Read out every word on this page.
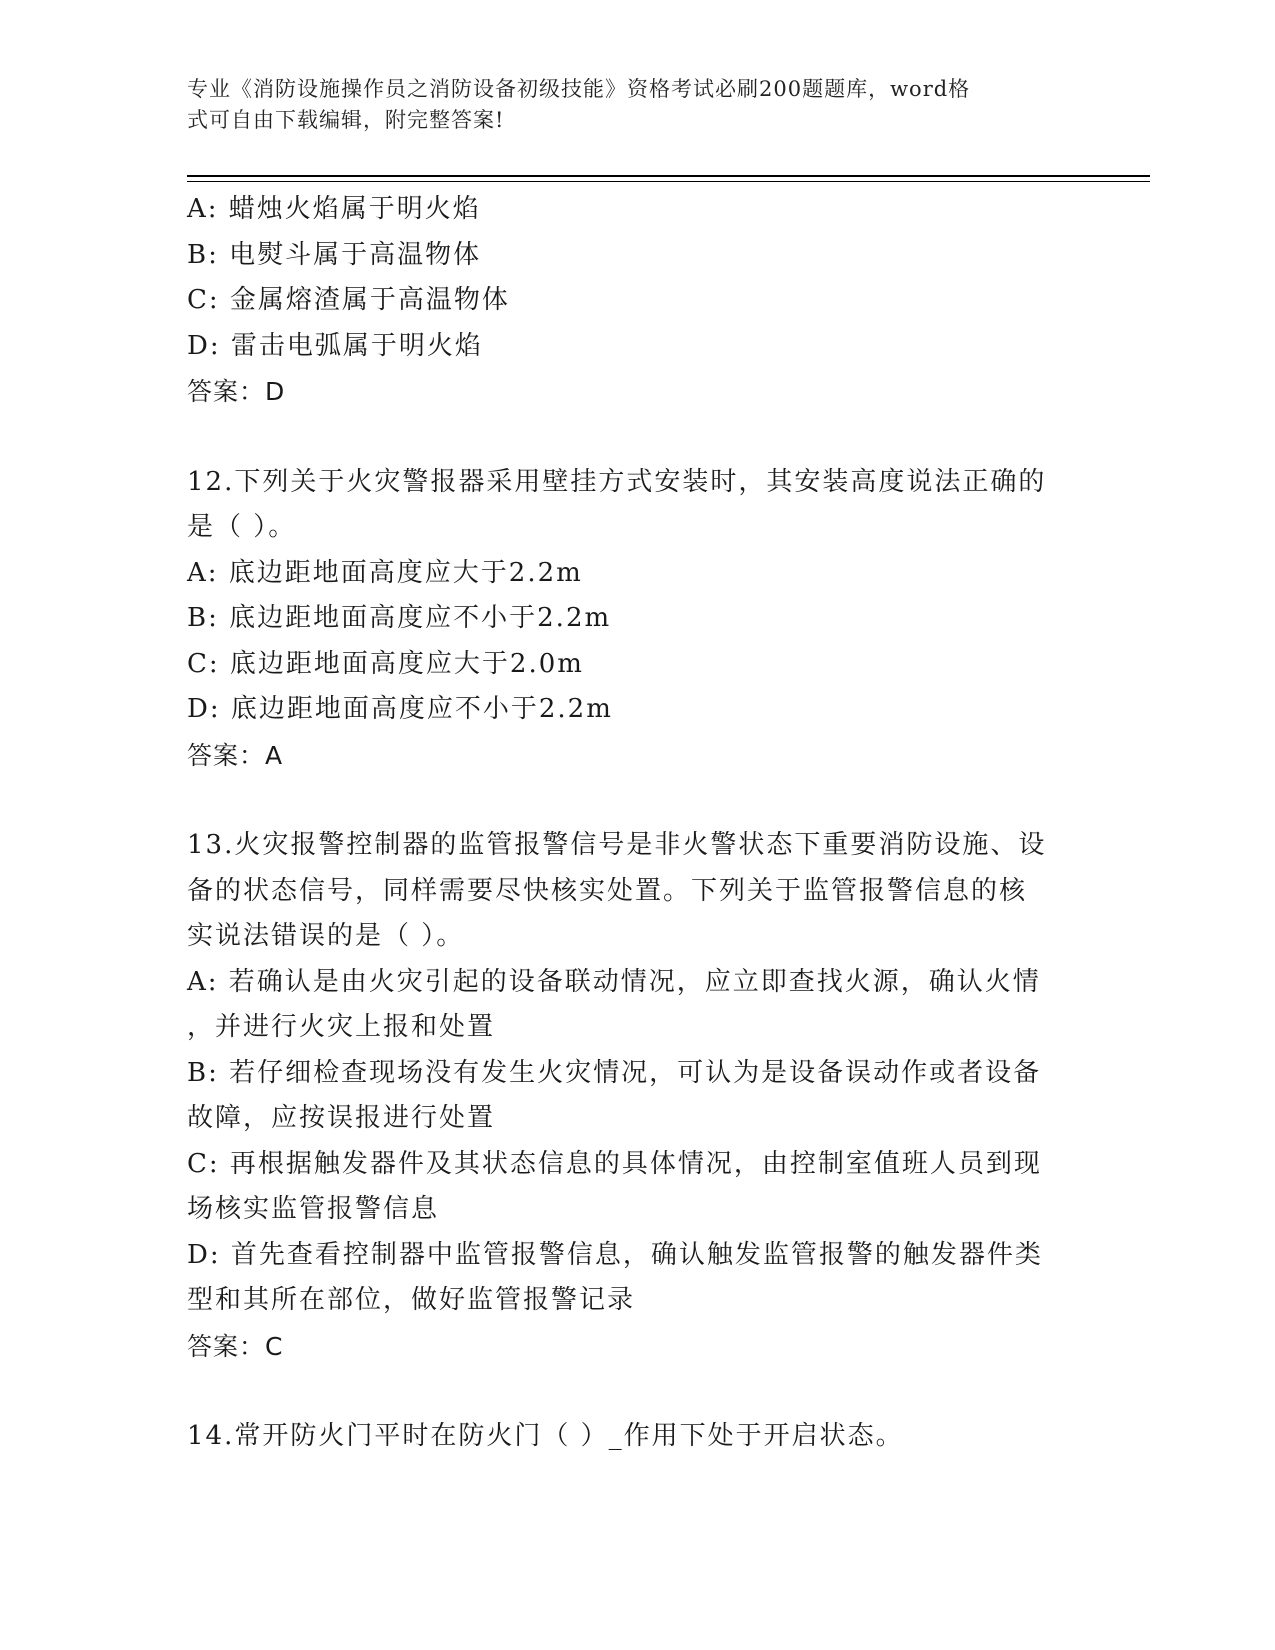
专业《消防设施操作员之消防设备初级技能》资格考试必刷200题题库，word格
式可自由下载编辑，附完整答案!
A: 蜡烛火焰属于明火焰
B: 电熨斗属于高温物体
C: 金属熔渣属于高温物体
D: 雷击电弧属于明火焰
答案：D
12.下列关于火灾警报器采用壁挂方式安装时，其安装高度说法正确的
是（ ）。
A: 底边距地面高度应大于2.2m
B: 底边距地面高度应不小于2.2m
C: 底边距地面高度应大于2.0m
D: 底边距地面高度应不小于2.2m
答案：A
13.火灾报警控制器的监管报警信号是非火警状态下重要消防设施、设
备的状态信号，同样需要尽快核实处置。下列关于监管报警信息的核
实说法错误的是（ ）。
A: 若确认是由火灾引起的设备联动情况，应立即查找火源，确认火情
，并进行火灾上报和处置
B: 若仔细检查现场没有发生火灾情况，可认为是设备误动作或者设备
故障，应按误报进行处置
C: 再根据触发器件及其状态信息的具体情况，由控制室值班人员到现
场核实监管报警信息
D: 首先查看控制器中监管报警信息，确认触发监管报警的触发器件类
型和其所在部位，做好监管报警记录
答案：C
14.常开防火门平时在防火门（ ）_作用下处于开启状态。
